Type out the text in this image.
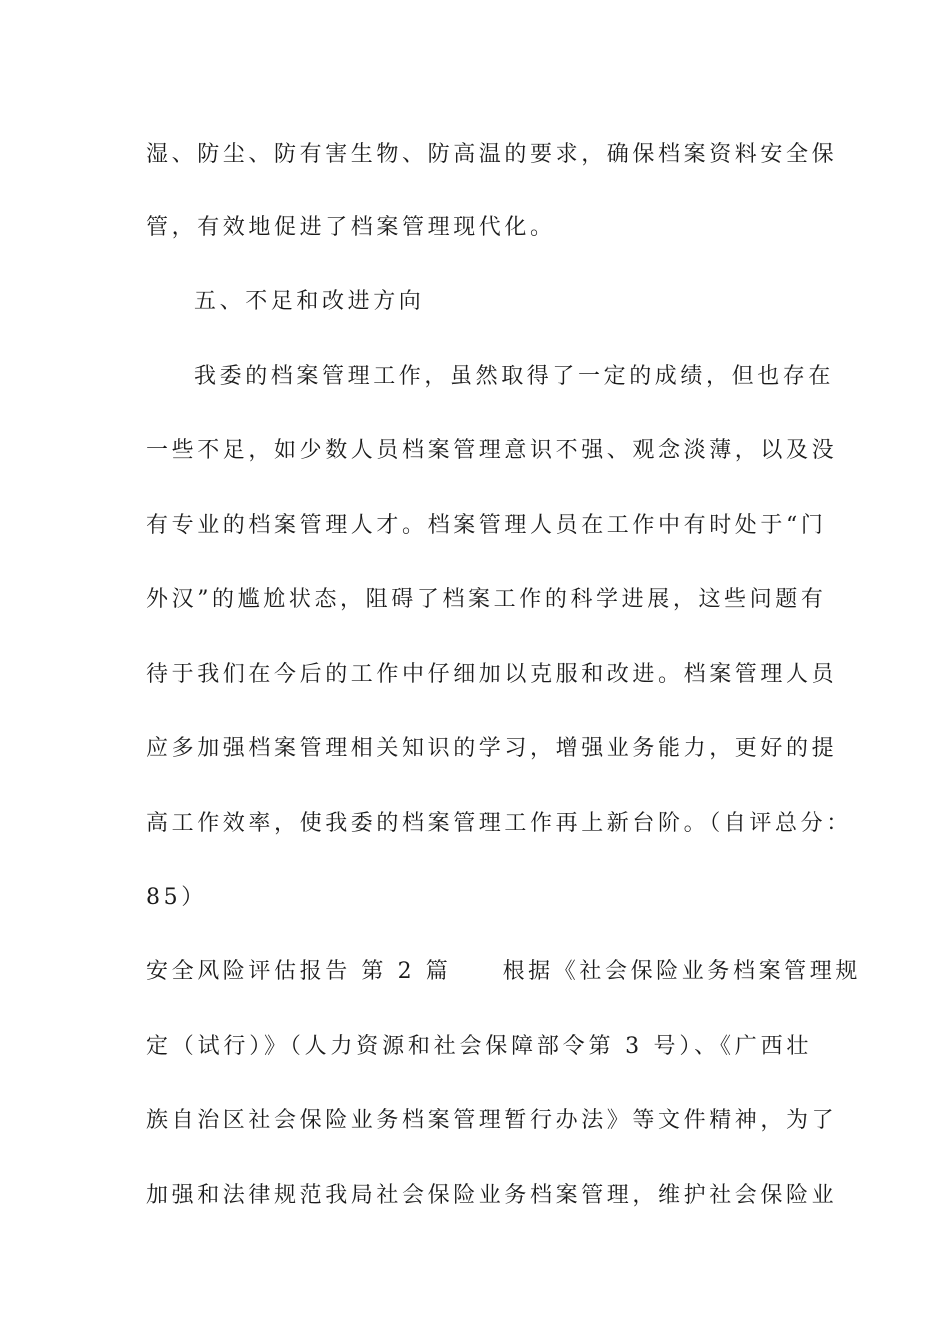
湿、防尘、防有害生物、防高温的要求，确保档案资料安全保
管，有效地促进了档案管理现代化。
五、不足和改进方向
我委的档案管理工作，虽然取得了一定的成绩，但也存在
一些不足，如少数人员档案管理意识不强、观念淡薄，以及没
有专业的档案管理人才。档案管理人员在工作中有时处于“门
外汉”的尴尬状态，阻碍了档案工作的科学进展，这些问题有
待于我们在今后的工作中仔细加以克服和改进。档案管理人员
应多加强档案管理相关知识的学习，增强业务能力，更好的提
高工作效率，使我委的档案管理工作再上新台阶。（自评总分：
85）
安全风险评估报告 第 2 篇　　根据《社会保险业务档案管理规
定（试行）》（人力资源和社会保障部令第 3 号）、《广西壮
族自治区社会保险业务档案管理暂行办法》等文件精神，为了
加强和法律规范我局社会保险业务档案管理，维护社会保险业
